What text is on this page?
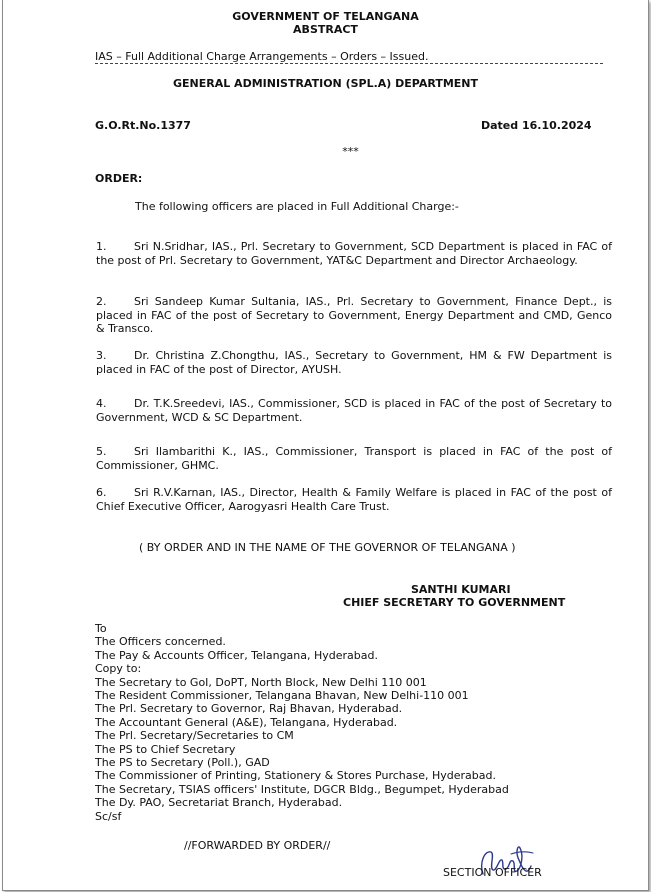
GOVERNMENT OF TELANGANA
ABSTRACT
IAS – Full Additional Charge Arrangements – Orders – Issued.
GENERAL ADMINISTRATION (SPL.A) DEPARTMENT
G.O.Rt.No.1377	Dated 16.10.2024
***
ORDER:
The following officers are placed in Full Additional Charge:-
1.	Sri N.Sridhar, IAS., Prl. Secretary to Government, SCD Department is placed in FAC of the post of Prl. Secretary to Government, YAT&C Department and Director Archaeology.
2.	Sri Sandeep Kumar Sultania, IAS., Prl. Secretary to Government, Finance Dept., is placed in FAC of the post of Secretary to Government, Energy Department and CMD, Genco & Transco.
3.	Dr. Christina Z.Chongthu, IAS., Secretary to Government, HM & FW Department is placed in FAC of the post of Director, AYUSH.
4.	Dr. T.K.Sreedevi, IAS., Commissioner, SCD is placed in FAC of the post of Secretary to Government, WCD & SC Department.
5.	Sri Ilambarithi K., IAS., Commissioner, Transport is placed in FAC of the post of Commissioner, GHMC.
6.	Sri R.V.Karnan, IAS., Director, Health & Family Welfare is placed in FAC of the post of Chief Executive Officer, Aarogyasri Health Care Trust.
( BY ORDER AND IN THE NAME OF THE GOVERNOR OF TELANGANA )
SANTHI KUMARI
CHIEF SECRETARY TO GOVERNMENT
To
The Officers concerned.
The Pay & Accounts Officer, Telangana, Hyderabad.
Copy to:
The Secretary to GoI, DoPT, North Block, New Delhi 110 001
The Resident Commissioner, Telangana Bhavan, New Delhi-110 001
The Prl. Secretary to Governor, Raj Bhavan, Hyderabad.
The Accountant General (A&E), Telangana, Hyderabad.
The Prl. Secretary/Secretaries to CM
The PS to Chief Secretary
The PS to Secretary (Poll.), GAD
The Commissioner of Printing, Stationery & Stores Purchase, Hyderabad.
The Secretary, TSIAS officers' Institute, DGCR Bldg., Begumpet, Hyderabad
The Dy. PAO, Secretariat Branch, Hyderabad.
Sc/sf
//FORWARDED BY ORDER//
SECTION OFFICER
